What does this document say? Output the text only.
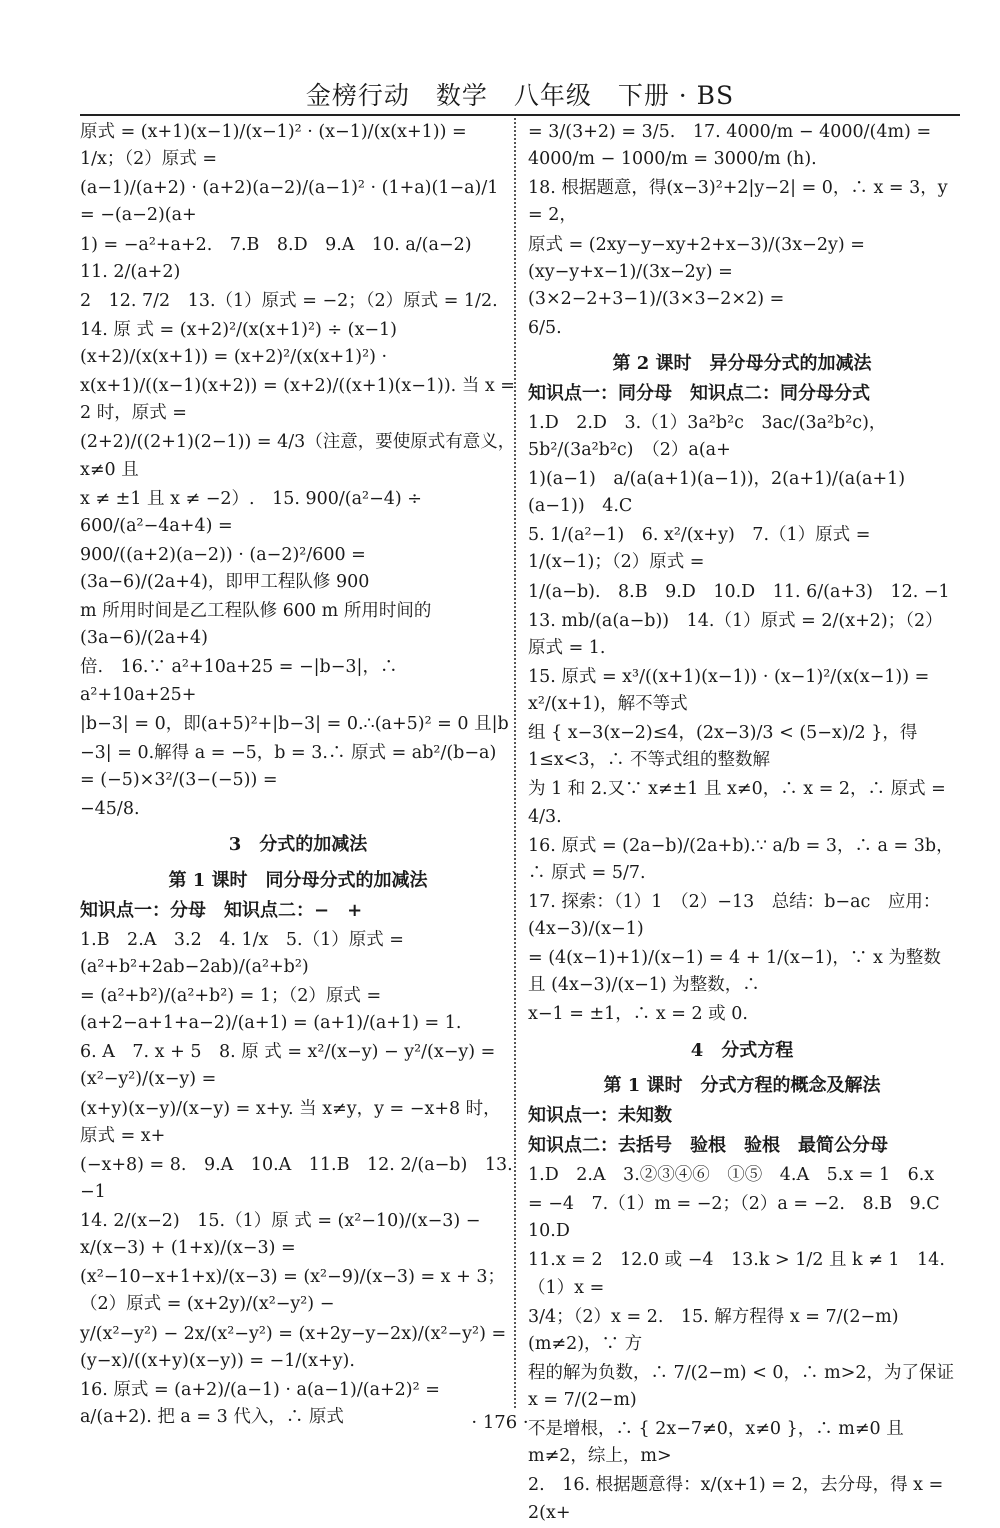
金榜行动　数学　八年级　下册 · BS
原式 = (x+1)(x−1)/(x−1)² · (x−1)/(x(x+1)) = 1/x；（2）原式 =
(a−1)/(a+2) · (a+2)(a−2)/(a−1)² · (1+a)(1−a)/1 = −(a−2)(a+
1) = −a²+a+2.　7.B　8.D　9.A　10. a/(a−2)　11. 2/(a+2)
2　12. 7/2　13.（1）原式 = −2；（2）原式 = 1/2.
14. 原 式 = (x+2)²/(x(x+1)²) ÷ (x−1)(x+2)/(x(x+1)) = (x+2)²/(x(x+1)²) ·
x(x+1)/((x−1)(x+2)) = (x+2)/((x+1)(x−1)). 当 x = 2 时，原式 =
(2+2)/((2+1)(2−1)) = 4/3（注意，要使原式有意义，x≠0 且
x ≠ ±1 且 x ≠ −2）.　15. 900/(a²−4) ÷ 600/(a²−4a+4) =
900/((a+2)(a−2)) · (a−2)²/600 = (3a−6)/(2a+4)，即甲工程队修 900
m 所用时间是乙工程队修 600 m 所用时间的 (3a−6)/(2a+4)
倍.　16.∵ a²+10a+25 = −|b−3|，∴ a²+10a+25+
|b−3| = 0，即(a+5)²+|b−3| = 0.∴(a+5)² = 0 且|b
−3| = 0.解得 a = −5，b = 3.∴ 原式 = ab²/(b−a) = (−5)×3²/(3−(−5)) =
−45/8.
3　分式的加减法
第 1 课时　同分母分式的加减法
知识点一：分母　知识点二：−　+
1.B　2.A　3.2　4. 1/x　5.（1）原式 = (a²+b²+2ab−2ab)/(a²+b²)
= (a²+b²)/(a²+b²) = 1；（2）原式 = (a+2−a+1+a−2)/(a+1) = (a+1)/(a+1) = 1.
6. A　7. x + 5　8. 原 式 = x²/(x−y) − y²/(x−y) = (x²−y²)/(x−y) =
(x+y)(x−y)/(x−y) = x+y. 当 x≠y，y = −x+8 时，原式 = x+
(−x+8) = 8.　9.A　10.A　11.B　12. 2/(a−b)　13. −1
14. 2/(x−2)　15.（1）原 式 = (x²−10)/(x−3) − x/(x−3) + (1+x)/(x−3) =
(x²−10−x+1+x)/(x−3) = (x²−9)/(x−3) = x + 3；（2）原式 = (x+2y)/(x²−y²) −
y/(x²−y²) − 2x/(x²−y²) = (x+2y−y−2x)/(x²−y²) = (y−x)/((x+y)(x−y)) = −1/(x+y).
16. 原式 = (a+2)/(a−1) · a(a−1)/(a+2)² = a/(a+2). 把 a = 3 代入，∴ 原式
= 3/(3+2) = 3/5.　17. 4000/m − 4000/(4m) = 4000/m − 1000/m = 3000/m (h).
18. 根据题意，得(x−3)²+2|y−2| = 0，∴ x = 3，y = 2，
原式 = (2xy−y−xy+2+x−3)/(3x−2y) = (xy−y+x−1)/(3x−2y) = (3×2−2+3−1)/(3×3−2×2) =
6/5.
第 2 课时　异分母分式的加减法
知识点一：同分母　知识点二：同分母分式
1.D　2.D　3.（1）3a²b²c　3ac/(3a²b²c)，5b²/(3a²b²c)　（2）a(a+
1)(a−1)　a/(a(a+1)(a−1))，2(a+1)/(a(a+1)(a−1))　4.C
5. 1/(a²−1)　6. x²/(x+y)　7.（1）原式 = 1/(x−1)；（2）原式 =
1/(a−b).　8.B　9.D　10.D　11. 6/(a+3)　12. −1
13. mb/(a(a−b))　14.（1）原式 = 2/(x+2)；（2）原式 = 1.
15. 原式 = x³/((x+1)(x−1)) · (x−1)²/(x(x−1)) = x²/(x+1)，解不等式
组 { x−3(x−2)≤4，(2x−3)/3 < (5−x)/2 }，得 1≤x<3，∴ 不等式组的整数解
为 1 和 2.又∵ x≠±1 且 x≠0，∴ x = 2，∴ 原式 = 4/3.
16. 原式 = (2a−b)/(2a+b).∵ a/b = 3，∴ a = 3b，∴ 原式 = 5/7.
17. 探索：（1）1　（2）−13　总结：b−ac　应用：(4x−3)/(x−1)
= (4(x−1)+1)/(x−1) = 4 + 1/(x−1)，∵ x 为整数且 (4x−3)/(x−1) 为整数，∴
x−1 = ±1，∴ x = 2 或 0.
4　分式方程
第 1 课时　分式方程的概念及解法
知识点一：未知数
知识点二：去括号　验根　验根　最简公分母
1.D　2.A　3.②③④⑥　①⑤　4.A　5.x = 1　6.x
= −4　7.（1）m = −2；（2）a = −2.　8.B　9.C　10.D
11.x = 2　12.0 或 −4　13.k > 1/2 且 k ≠ 1　14.（1）x =
3/4；（2）x = 2.　15. 解方程得 x = 7/(2−m)(m≠2)，∵ 方
程的解为负数，∴ 7/(2−m) < 0，∴ m>2，为了保证 x = 7/(2−m)
不是增根，∴ { 2x−7≠0，x≠0 }，∴ m≠0 且 m≠2，综上，m>
2.　16. 根据题意得：x/(x+1) = 2，去分母，得 x = 2(x+
· 176 ·
